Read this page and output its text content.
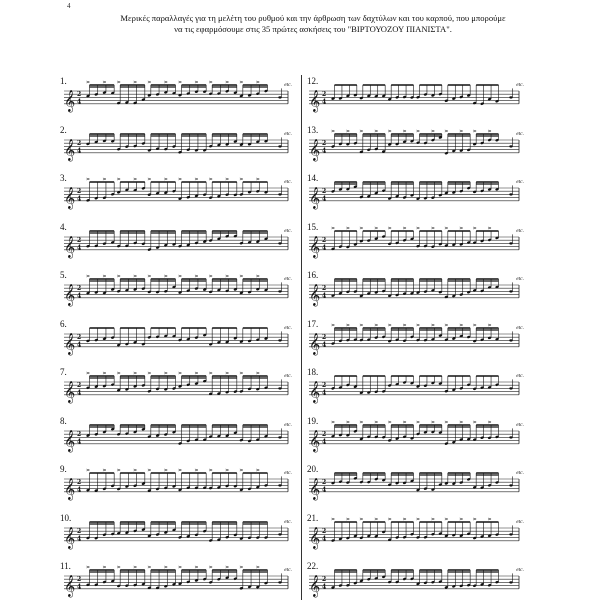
4
Μερικές παραλλαγές για τη μελέτη του ρυθμού και την άρθρωση των δαχτύλων και του καρπού, που μπορούμε να τις εφαρμόσουμε στις 35 πρώτες ασκήσεις του "ΒΙΡΤΟΥΟΖΟΥ ΠΙΑΝΙΣΤΑ".
1.
𝄞 2
4
etc.
2.
𝄞 2
4
etc.
3.
𝄞 2
4
etc.
4.
𝄞 2
4
etc.
5.
𝄞 2
4
etc.
6.
𝄞 2
4
etc.
7.
𝄞 2
4
etc.
8.
𝄞 2
4
etc.
9.
𝄞 2
4
etc.
10.
𝄞 2
4
etc.
11.
𝄞 2
4
etc.
12.
𝄞 2
4
etc.
13.
𝄞 2
4
etc.
14.
𝄞 2
4
etc.
15.
𝄞 2
4
etc.
16.
𝄞 2
4
etc.
17.
𝄞 2
4
etc.
18.
𝄞 2
4
etc.
19.
𝄞 2
4
etc.
20.
𝄞 2
4
etc.
21.
𝄞 2
4
etc.
22.
𝄞 2
4
etc.
